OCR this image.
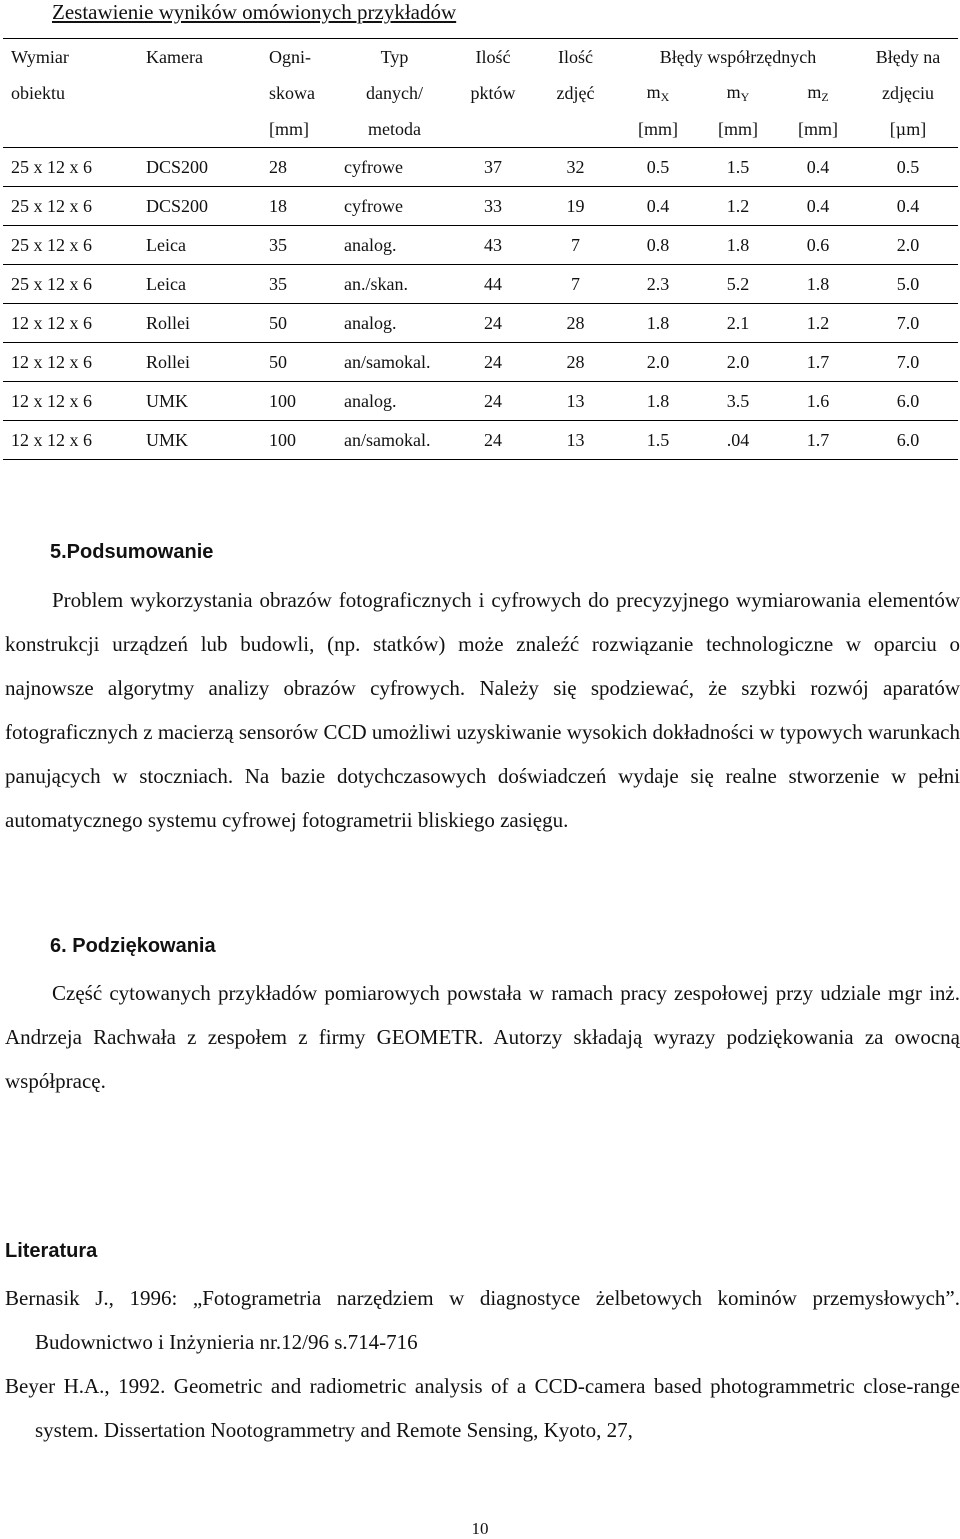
Zestawienie wyników omówionych przykładów
Wymiar	Kamera	Ogni-	Typ	Ilość	Ilość	Błędy współrzędnych			Błędy na
obiektu		skowa	danych/	pktów	zdjęć	$m_X$	$m_Y$	$m_Z$	zdjęciu
		[mm]	metoda			[mm]	[mm]	[mm]	[μm]
25 x 12 x 6	DCS200	28	cyfrowe	37	32	0.5	1.5	0.4	0.5
25 x 12 x 6	DCS200	18	cyfrowe	33	19	0.4	1.2	0.4	0.4
25 x 12 x 6	Leica	35	analog.	43	7	0.8	1.8	0.6	2.0
25 x 12 x 6	Leica	35	an./skan.	44	7	2.3	5.2	1.8	5.0
12 x 12 x 6	Rollei	50	analog.	24	28	1.8	2.1	1.2	7.0
12 x 12 x 6	Rollei	50	an/samokal.	24	28	2.0	2.0	1.7	7.0
12 x 12 x 6	UMK	100	analog.	24	13	1.8	3.5	1.6	6.0
12 x 12 x 6	UMK	100	an/samokal.	24	13	1.5	.04	1.7	6.0
5.Podsumowanie

Problem wykorzystania obrazów fotograficznych i cyfrowych do precyzyjnego wymiarowania elementów konstrukcji urządzeń lub budowli, (np. statków) może znaleźć rozwiązanie technologiczne w oparciu o najnowsze algorytmy analizy obrazów cyfrowych. Należy się spodziewać, że szybki rozwój aparatów fotograficznych z macierzą sensorów CCD umożliwi uzyskiwanie wysokich dokładności w typowych warunkach panujących w stoczniach. Na bazie dotychczasowych doświadczeń wydaje się realne stworzenie w pełni automatycznego systemu cyfrowej fotogrametrii bliskiego zasięgu.

6. Podziękowania

Część cytowanych przykładów pomiarowych powstała w ramach pracy zespołowej przy udziale mgr inż. Andrzeja Rachwała z zespołem z firmy GEOMETR. Autorzy składają wyrazy podziękowania za owocną współpracę.

Literatura

Bernasik J., 1996: „Fotogrametria narzędziem w diagnostyce żelbetowych kominów przemysłowych”. Budownictwo i Inżynieria nr.12/96 s.714-716

Beyer H.A., 1992. Geometric and radiometric analysis of a CCD-camera based photogrammetric close-range system. Dissertation Nootogrammetry and Remote Sensing, Kyoto, 27,

10
